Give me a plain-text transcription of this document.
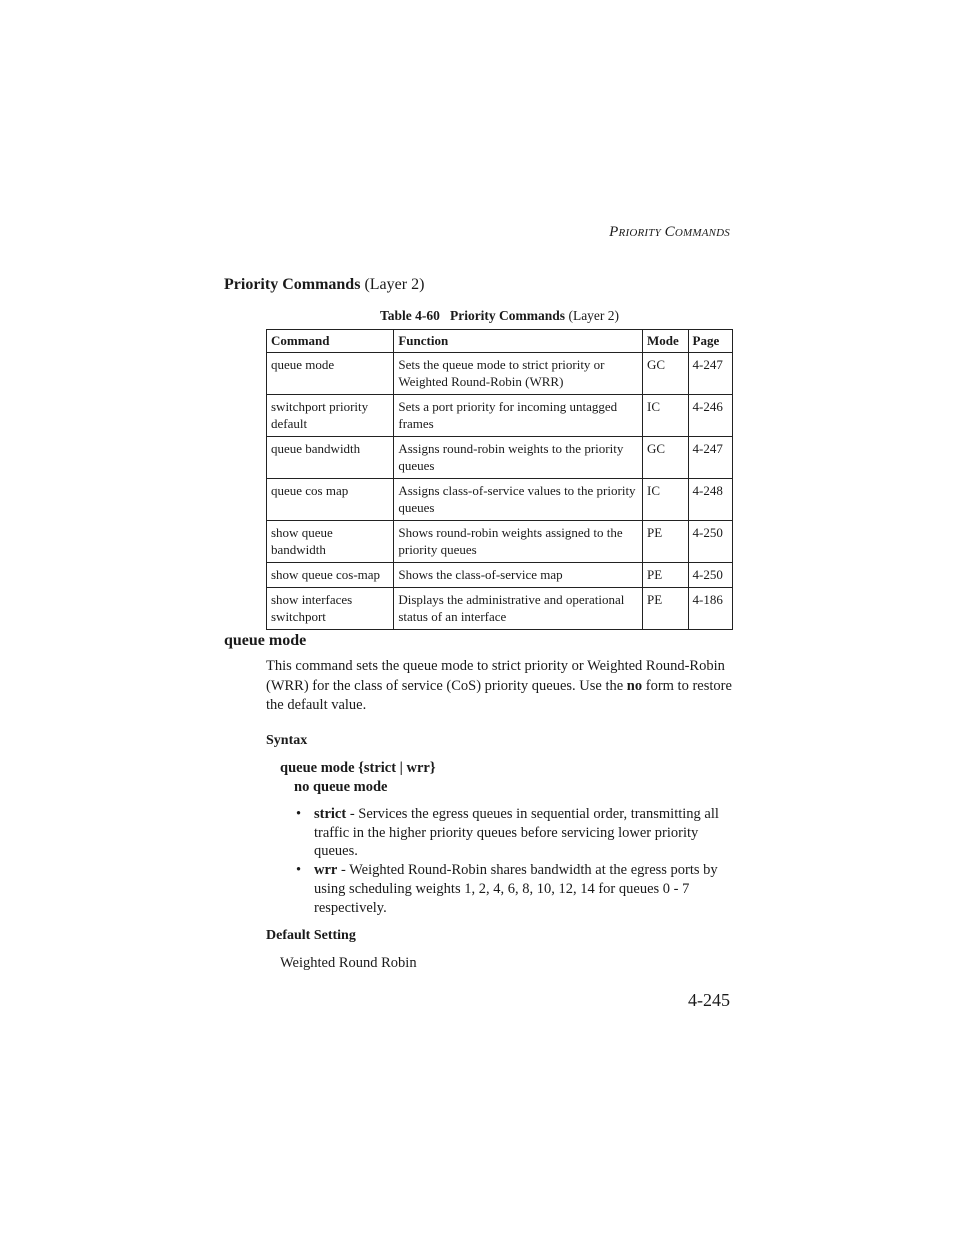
PRIORITY COMMANDS
Priority Commands (Layer 2)
Table 4-60 Priority Commands (Layer 2)
Command	Function	Mode	Page
queue mode	Sets the queue mode to strict priority or Weighted Round-Robin (WRR)	GC	4-247
switchport priority default	Sets a port priority for incoming untagged frames	IC	4-246
queue bandwidth	Assigns round-robin weights to the priority queues	GC	4-247
queue cos map	Assigns class-of-service values to the priority queues	IC	4-248
show queue bandwidth	Shows round-robin weights assigned to the priority queues	PE	4-250
show queue cos-map	Shows the class-of-service map	PE	4-250
show interfaces switchport	Displays the administrative and operational status of an interface	PE	4-186
queue mode
This command sets the queue mode to strict priority or Weighted Round-Robin (WRR) for the class of service (CoS) priority queues. Use the no form to restore the default value.
Syntax
queue mode {strict | wrr}
no queue mode
• strict - Services the egress queues in sequential order, transmitting all traffic in the higher priority queues before servicing lower priority queues.
• wrr - Weighted Round-Robin shares bandwidth at the egress ports by using scheduling weights 1, 2, 4, 6, 8, 10, 12, 14 for queues 0 - 7 respectively.
Default Setting
Weighted Round Robin
4-245
